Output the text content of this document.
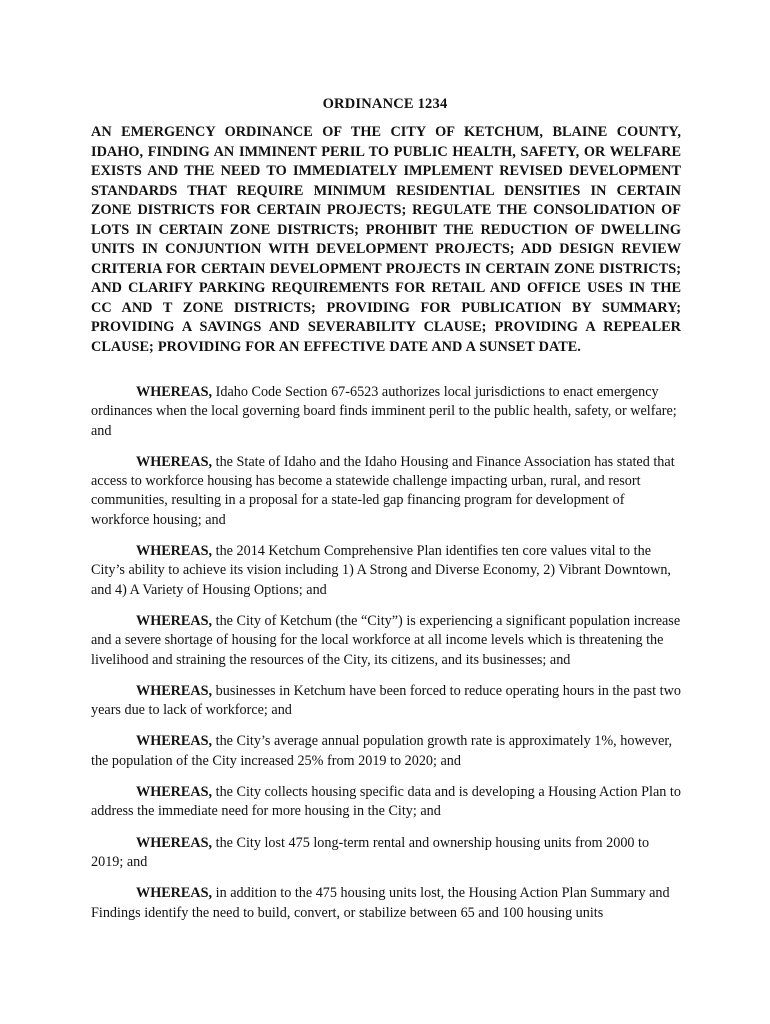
ORDINANCE 1234
AN EMERGENCY ORDINANCE OF THE CITY OF KETCHUM, BLAINE COUNTY, IDAHO, FINDING AN IMMINENT PERIL TO PUBLIC HEALTH, SAFETY, OR WELFARE EXISTS AND THE NEED TO IMMEDIATELY IMPLEMENT REVISED DEVELOPMENT STANDARDS THAT REQUIRE MINIMUM RESIDENTIAL DENSITIES IN CERTAIN ZONE DISTRICTS FOR CERTAIN PROJECTS; REGULATE THE CONSOLIDATION OF LOTS IN CERTAIN ZONE DISTRICTS; PROHIBIT THE REDUCTION OF DWELLING UNITS IN CONJUNTION WITH DEVELOPMENT PROJECTS; ADD DESIGN REVIEW CRITERIA FOR CERTAIN DEVELOPMENT PROJECTS IN CERTAIN ZONE DISTRICTS; AND CLARIFY PARKING REQUIREMENTS FOR RETAIL AND OFFICE USES IN THE CC AND T ZONE DISTRICTS; PROVIDING FOR PUBLICATION BY SUMMARY; PROVIDING A SAVINGS AND SEVERABILITY CLAUSE; PROVIDING A REPEALER CLAUSE; PROVIDING FOR AN EFFECTIVE DATE AND A SUNSET DATE.

WHEREAS, Idaho Code Section 67-6523 authorizes local jurisdictions to enact emergency ordinances when the local governing board finds imminent peril to the public health, safety, or welfare; and

WHEREAS, the State of Idaho and the Idaho Housing and Finance Association has stated that access to workforce housing has become a statewide challenge impacting urban, rural, and resort communities, resulting in a proposal for a state-led gap financing program for development of workforce housing; and

WHEREAS, the 2014 Ketchum Comprehensive Plan identifies ten core values vital to the City’s ability to achieve its vision including 1) A Strong and Diverse Economy, 2) Vibrant Downtown, and 4) A Variety of Housing Options; and

WHEREAS, the City of Ketchum (the “City”) is experiencing a significant population increase and a severe shortage of housing for the local workforce at all income levels which is threatening the livelihood and straining the resources of the City, its citizens, and its businesses; and

WHEREAS, businesses in Ketchum have been forced to reduce operating hours in the past two years due to lack of workforce; and

WHEREAS, the City’s average annual population growth rate is approximately 1%, however, the population of the City increased 25% from 2019 to 2020; and

WHEREAS, the City collects housing specific data and is developing a Housing Action Plan to address the immediate need for more housing in the City; and

WHEREAS, the City lost 475 long-term rental and ownership housing units from 2000 to 2019; and

WHEREAS, in addition to the 475 housing units lost, the Housing Action Plan Summary and Findings identify the need to build, convert, or stabilize between 65 and 100 housing units
